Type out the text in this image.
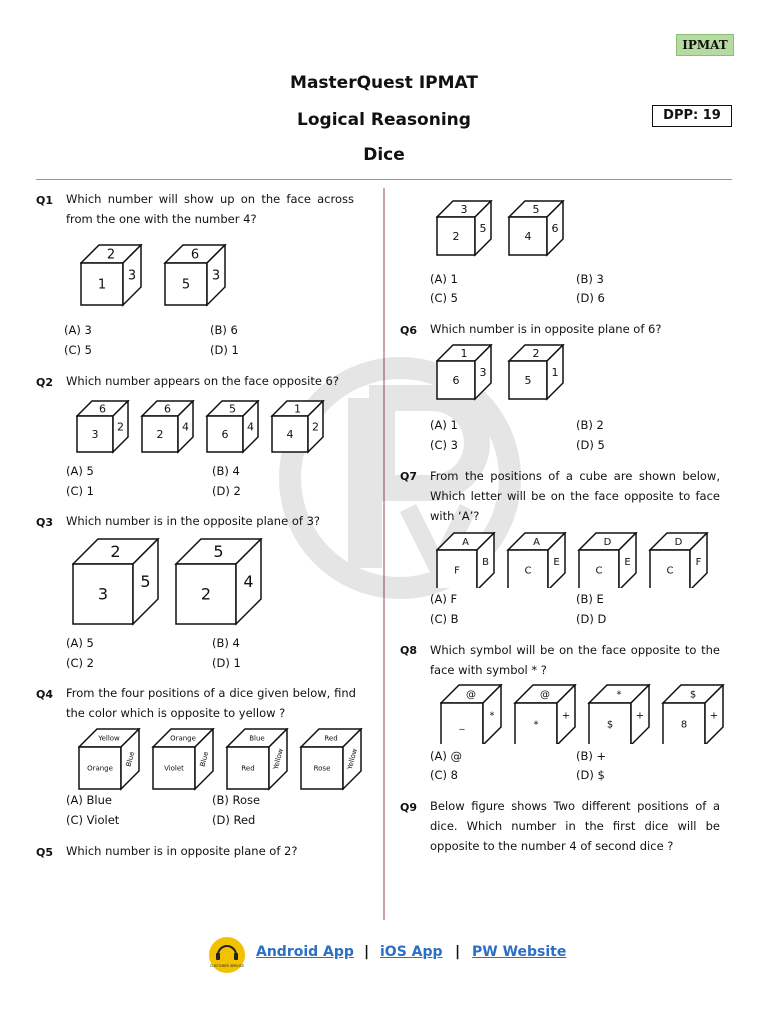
IPMAT
MasterQuest IPMAT
Logical Reasoning
Dice
DPP: 19
Q1 Which number will show up on the face across from the one with the number 4?
2
1
3
6
5
3
(A) 3	(B) 6
(C) 5	(D) 1
Q2 Which number appears on the face opposite 6?
6
3
2
6
2
4
5
6
4
1
4
2
(A) 5	(B) 4
(C) 1	(D) 2
Q3 Which number is in the opposite plane of 3?
2
3
5
5
2
4
(A) 5	(B) 4
(C) 2	(D) 1
Q4 From the four positions of a dice given below, find the color which is opposite to yellow ?
Yellow
Orange
Blue
Orange
Violet
Blue
Blue
Red Yellow
Red
Rose Yellow
(A) Blue	(B) Rose
(C) Violet	(D) Red
Q5 Which number is in opposite plane of 2?
3
2
5
5
4
6
(A) 1	(B) 3
(C) 5	(D) 6
Q6 Which number is in opposite plane of 6?
1
6
3
2
5
1
(A) 1	(B) 2
(C) 3	(D) 5
Q7 From the positions of a cube are shown below, Which letter will be on the face opposite to face with ‘A’?
A
F
B
A
C
E
D
C
E
D
C
F
(A) F	(B) E
(C) B	(D) D
Q8 Which symbol will be on the face opposite to the face with symbol * ?
@
_
*
@
*
+
*
$
+
$
8
+
(A) @	(B) +
(C) 8	(D) $
Q9 Below figure shows Two different positions of a dice. Which number in the first dice will be opposite to the number 4 of second dice ?
CUSTOMER SERVICE
Android App | iOS App | PW Website
